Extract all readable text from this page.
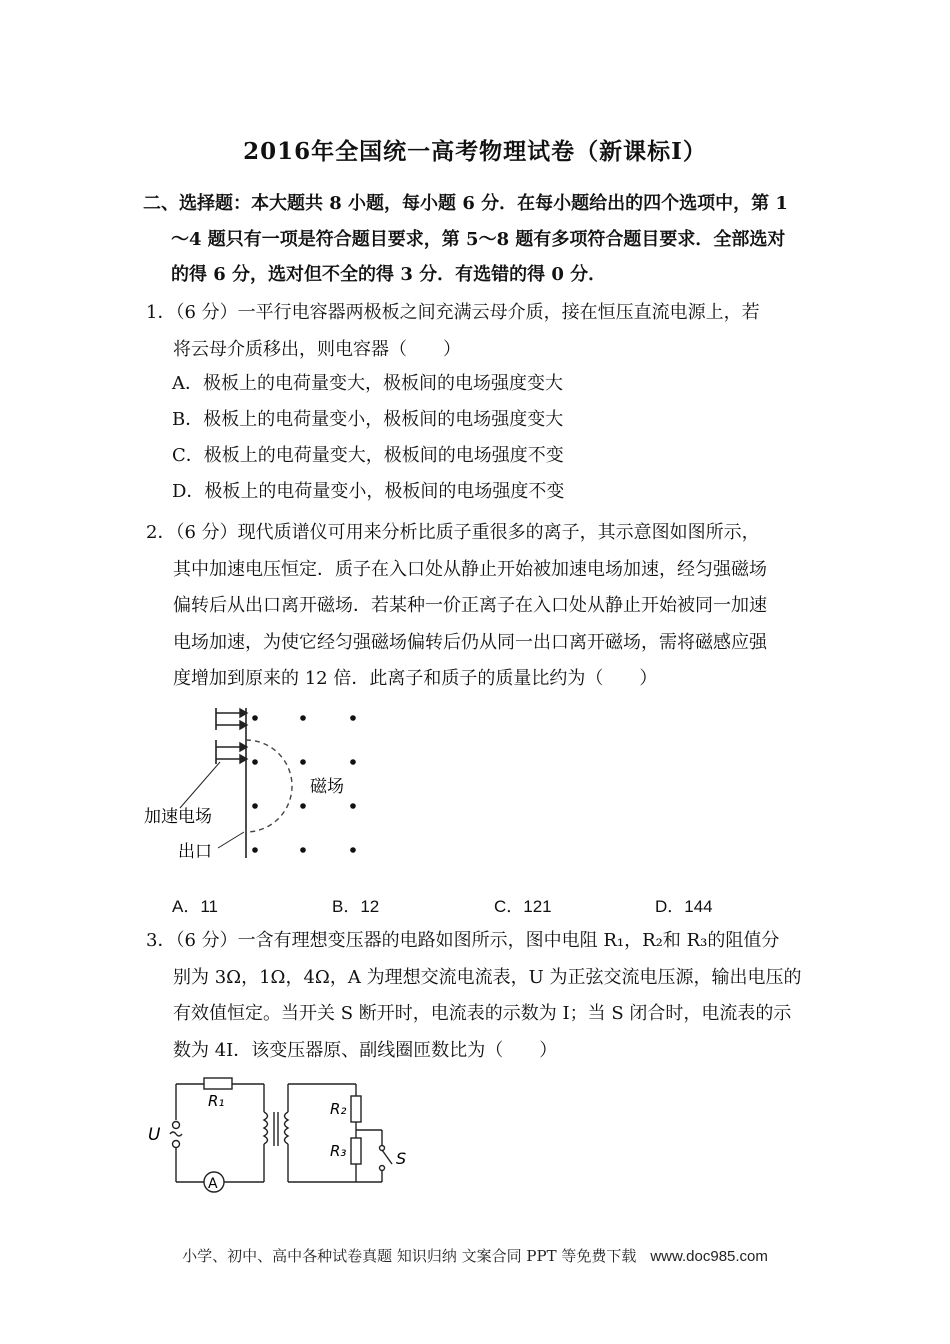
2016年全国统一高考物理试卷（新课标Ⅰ）
二、选择题：本大题共 8 小题，每小题 6 分．在每小题给出的四个选项中，第 1
～4 题只有一项是符合题目要求，第 5～8 题有多项符合题目要求．全部选对
的得 6 分，选对但不全的得 3 分．有选错的得 0 分．
1．（6 分）一平行电容器两极板之间充满云母介质，接在恒压直流电源上，若
将云母介质移出，则电容器（　　）
A．极板上的电荷量变大，极板间的电场强度变大
B．极板上的电荷量变小，极板间的电场强度变大
C．极板上的电荷量变大，极板间的电场强度不变
D．极板上的电荷量变小，极板间的电场强度不变
2．（6 分）现代质谱仪可用来分析比质子重很多的离子，其示意图如图所示，
其中加速电压恒定．质子在入口处从静止开始被加速电场加速，经匀强磁场
偏转后从出口离开磁场．若某种一价正离子在入口处从静止开始被同一加速
电场加速，为使它经匀强磁场偏转后仍从同一出口离开磁场，需将磁感应强
度增加到原来的 12 倍．此离子和质子的质量比约为（　　）
加速电场
出口
磁场
A．11	B．12	C．121	D．144
3．（6 分）一含有理想变压器的电路如图所示，图中电阻 R₁，R₂和 R₃的阻值分
别为 3Ω，1Ω，4Ω，A 为理想交流电流表，U 为正弦交流电压源，输出电压的
有效值恒定。当开关 S 断开时，电流表的示数为 I；当 S 闭合时，电流表的示
数为 4I．该变压器原、副线圈匝数比为（　　）
R₁	R₂
R₃
U
A
S
小学、初中、高中各种试卷真题 知识归纳 文案合同 PPT 等免费下载 www.doc985.com
